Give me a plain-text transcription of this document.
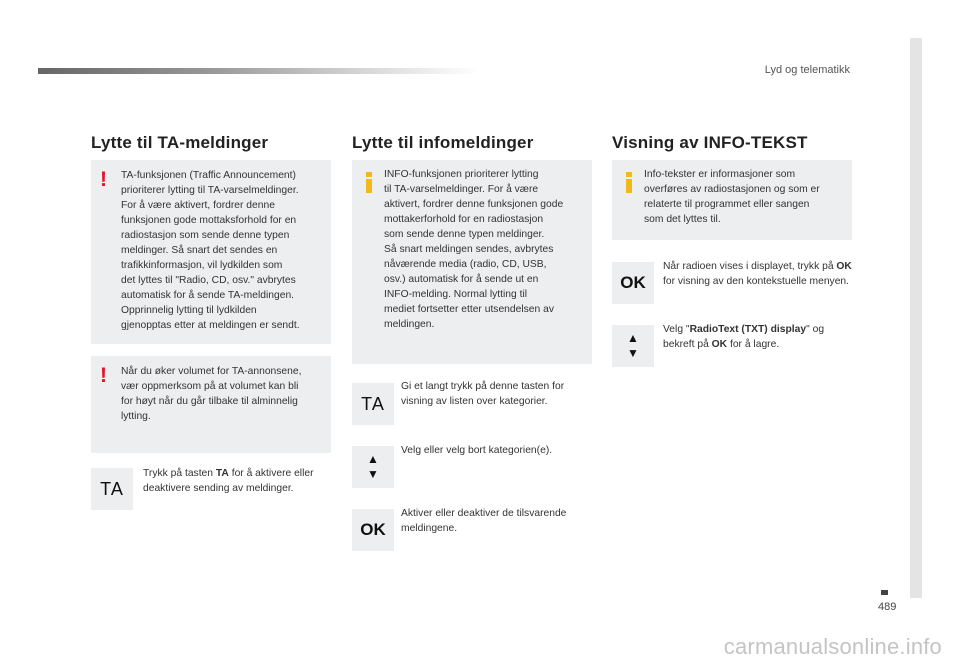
Lyd og telematikk
489
Lytte til TA-meldinger
! TA-funksjonen (Traffic Announcement)
prioriterer lytting til TA-varselmeldinger.
For å være aktivert, fordrer denne
funksjonen gode mottaksforhold for en
radiostasjon som sende denne typen
meldinger. Så snart det sendes en
trafikkinformasjon, vil lydkilden som
det lyttes til "Radio, CD, osv." avbrytes
automatisk for å sende TA-meldingen.
Opprinnelig lytting til lydkilden
gjenopptas etter at meldingen er sendt.
! Når du øker volumet for TA-annonsene,
vær oppmerksom på at volumet kan bli
for høyt når du går tilbake til alminnelig
lytting.
TA
Trykk på tasten TA for å aktivere eller deaktivere sending av meldinger.
Lytte til infomeldinger
INFO-funksjonen prioriterer lytting
til TA-varselmeldinger. For å være
aktivert, fordrer denne funksjonen gode
mottakerforhold for en radiostasjon
som sende denne typen meldinger.
Så snart meldingen sendes, avbrytes
nåværende media (radio, CD, USB,
osv.) automatisk for å sende ut en
INFO-melding. Normal lytting til
mediet fortsetter etter utsendelsen av
meldingen.
TA
Gi et langt trykk på denne tasten for visning av listen over kategorier.
▲
▼
Velg eller velg bort kategorien(e).
OK
Aktiver eller deaktiver de tilsvarende meldingene.
Visning av INFO-TEKST
Info-tekster er informasjoner som
overføres av radiostasjonen og som er
relaterte til programmet eller sangen
som det lyttes til.
OK
Når radioen vises i displayet, trykk på OK for visning av den kontekstuelle menyen.
▲
▼
Velg "RadioText (TXT) display" og bekreft på OK for å lagre.
carmanualsonline.info
